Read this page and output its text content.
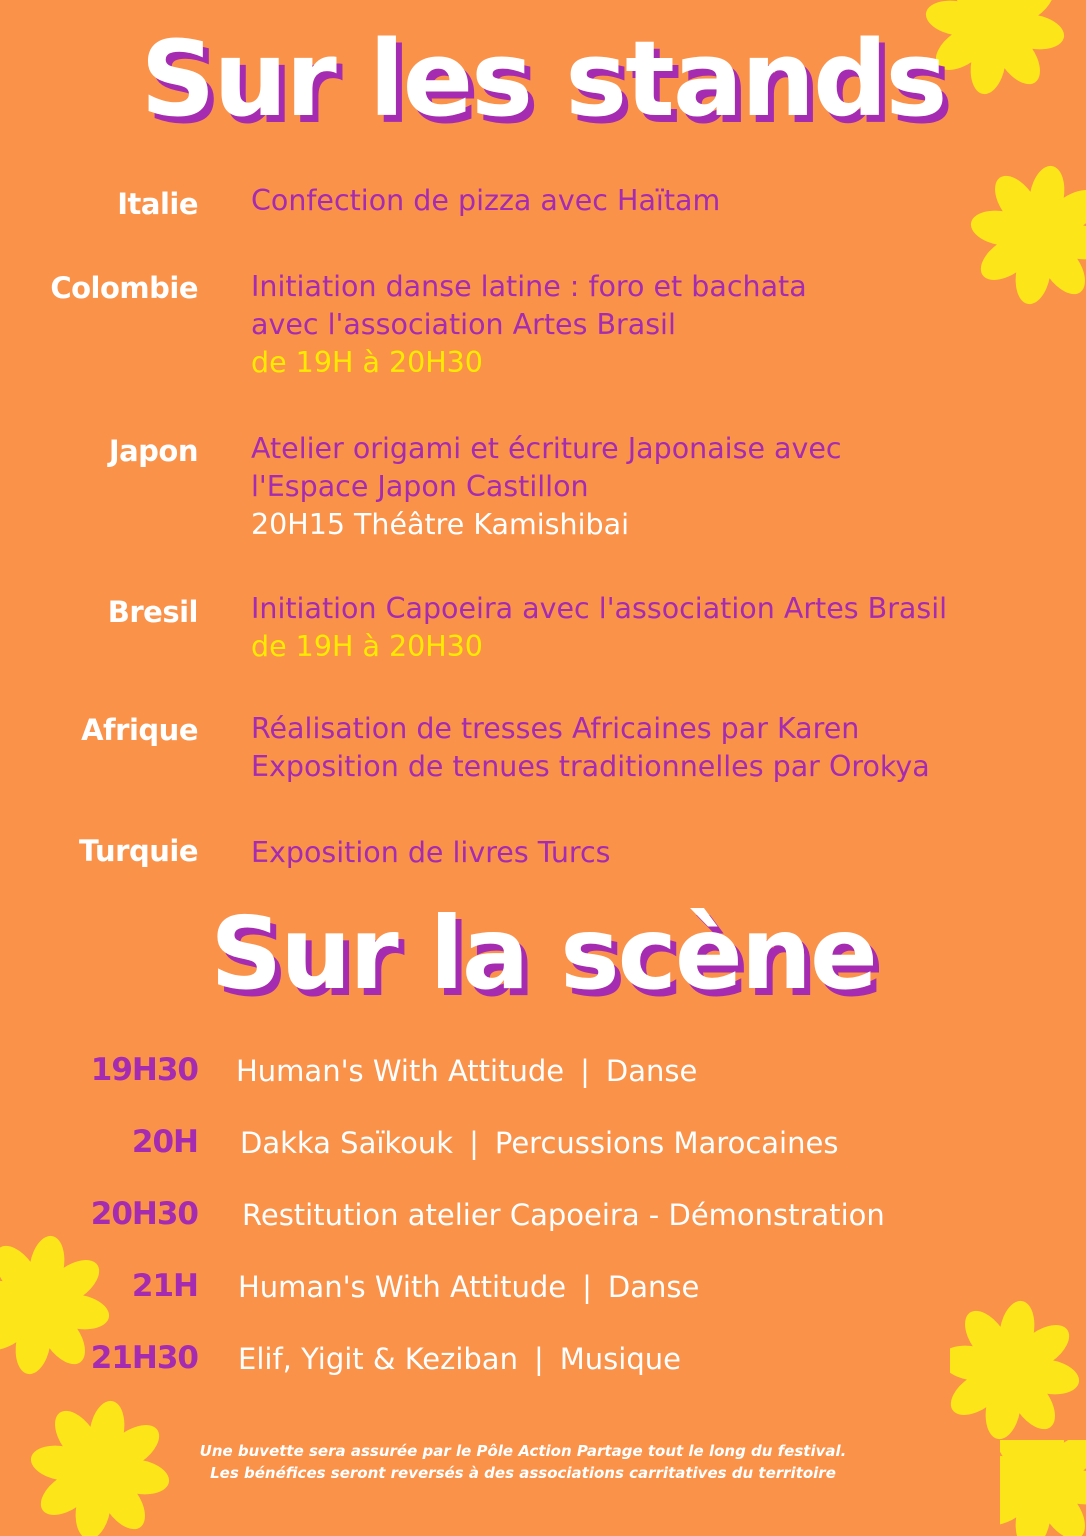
Sur les stands
Italie Confection de pizza avec Haïtam
Colombie Initiation danse latine : foro et bachata
avec l'association Artes Brasil
de 19H à 20H30
Japon Atelier origami et écriture Japonaise avec
l'Espace Japon Castillon
20H15 Théâtre Kamishibai
Bresil Initiation Capoeira avec l'association Artes Brasil
de 19H à 20H30
Afrique Réalisation de tresses Africaines par Karen
Exposition de tenues traditionnelles par Orokya
Turquie Exposition de livres Turcs
Sur la scène
19H30 Human's With Attitude | Danse
20H Dakka Saïkouk | Percussions Marocaines
20H30 Restitution atelier Capoeira - Démonstration
21H Human's With Attitude | Danse
21H30 Elif, Yigit & Keziban | Musique
Une buvette sera assurée par le Pôle Action Partage tout le long du festival.
Les bénéfices seront reversés à des associations carritatives du territoire
